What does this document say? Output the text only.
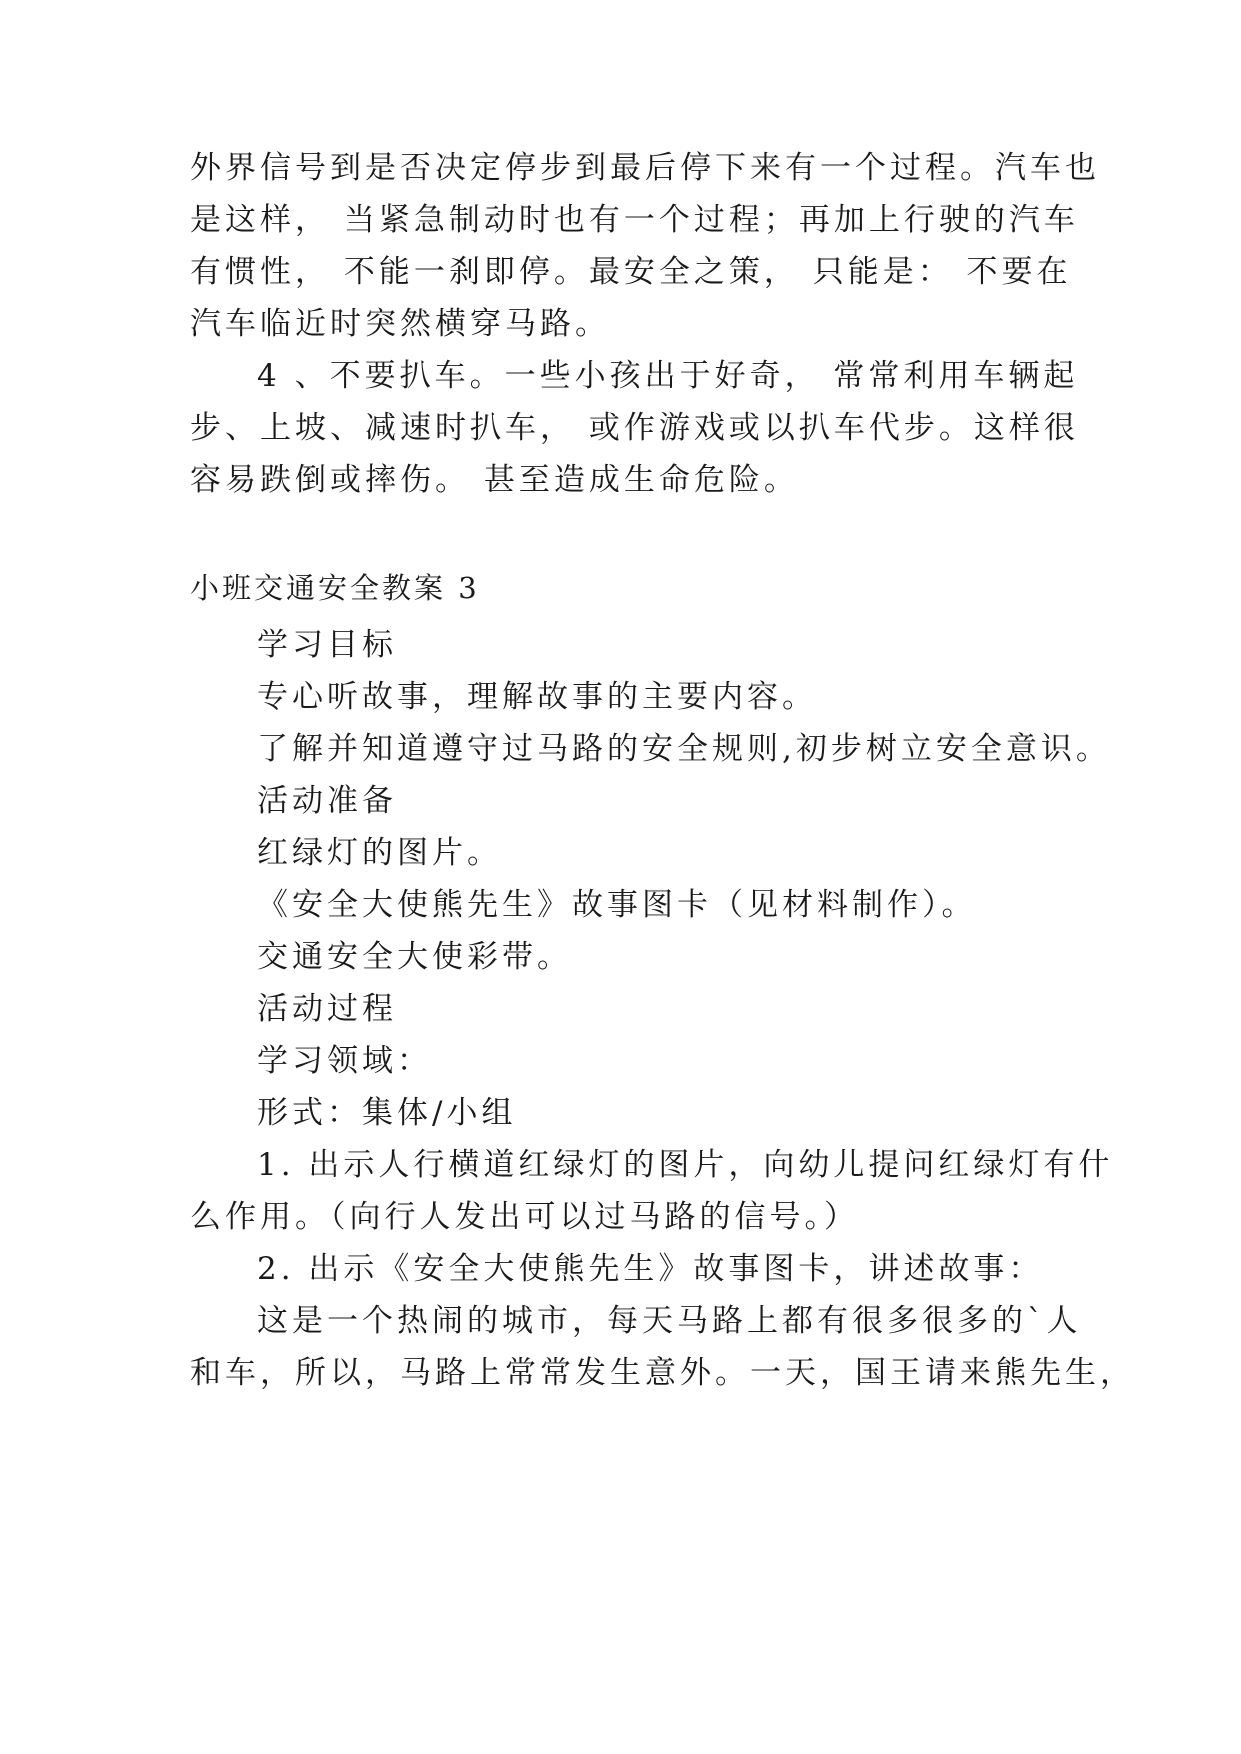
外界信号到是否决定停步到最后停下来有一个过程。汽车也
是这样， 当紧急制动时也有一个过程；再加上行驶的汽车
有惯性， 不能一刹即停。最安全之策， 只能是： 不要在
汽车临近时突然横穿马路。
4 、不要扒车。一些小孩出于好奇， 常常利用车辆起
步、上坡、减速时扒车， 或作游戏或以扒车代步。这样很
容易跌倒或摔伤。 甚至造成生命危险。
小班交通安全教案 3
学习目标
专心听故事，理解故事的主要内容。
了解并知道遵守过马路的安全规则,初步树立安全意识。
活动准备
红绿灯的图片。
《安全大使熊先生》故事图卡（见材料制作）。
交通安全大使彩带。
活动过程
学习领域：
形式：集体/小组
1. 出示人行横道红绿灯的图片，向幼儿提问红绿灯有什
么作用。（向行人发出可以过马路的信号。）
2. 出示《安全大使熊先生》故事图卡，讲述故事：
这是一个热闹的城市，每天马路上都有很多很多的`人
和车，所以，马路上常常发生意外。一天，国王请来熊先生，
